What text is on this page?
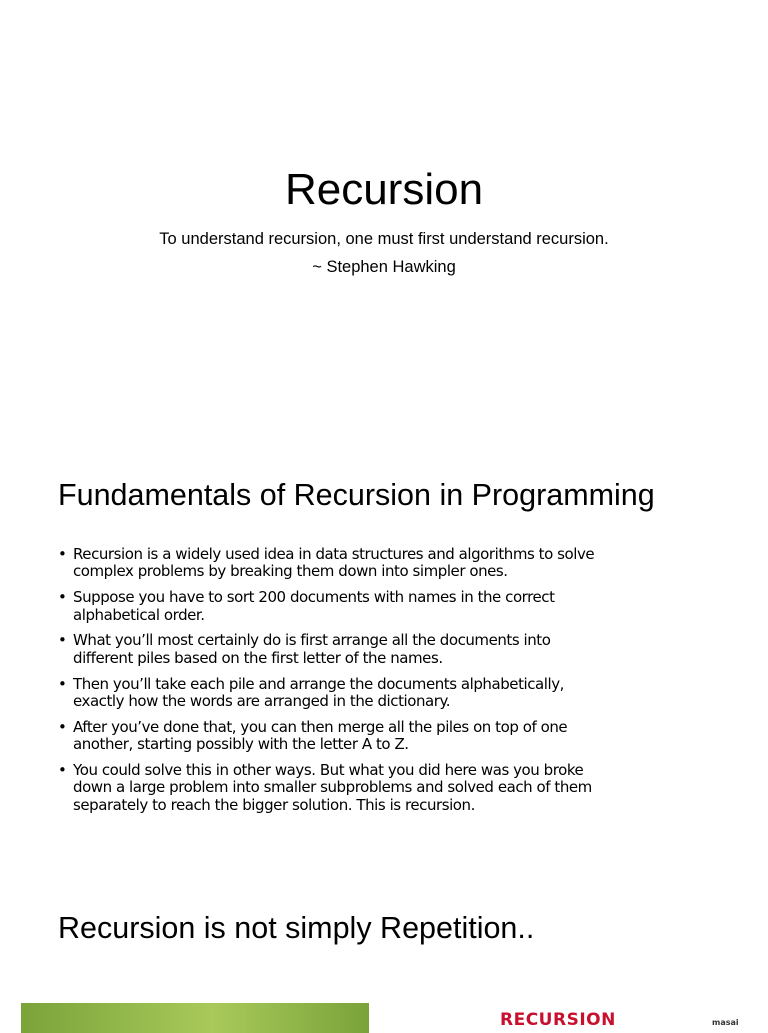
Recursion
To understand recursion, one must first understand recursion.
~ Stephen Hawking
Fundamentals of Recursion in Programming
• Recursion is a widely used idea in data structures and algorithms to solve
complex problems by breaking them down into simpler ones.
• Suppose you have to sort 200 documents with names in the correct
alphabetical order.
• What you’ll most certainly do is first arrange all the documents into
different piles based on the first letter of the names.
• Then you’ll take each pile and arrange the documents alphabetically,
exactly how the words are arranged in the dictionary.
• After you’ve done that, you can then merge all the piles on top of one
another, starting possibly with the letter A to Z.
• You could solve this in other ways. But what you did here was you broke
down a large problem into smaller subproblems and solved each of them
separately to reach the bigger solution. This is recursion.
Recursion is not simply Repetition..
RECURSION	masai
